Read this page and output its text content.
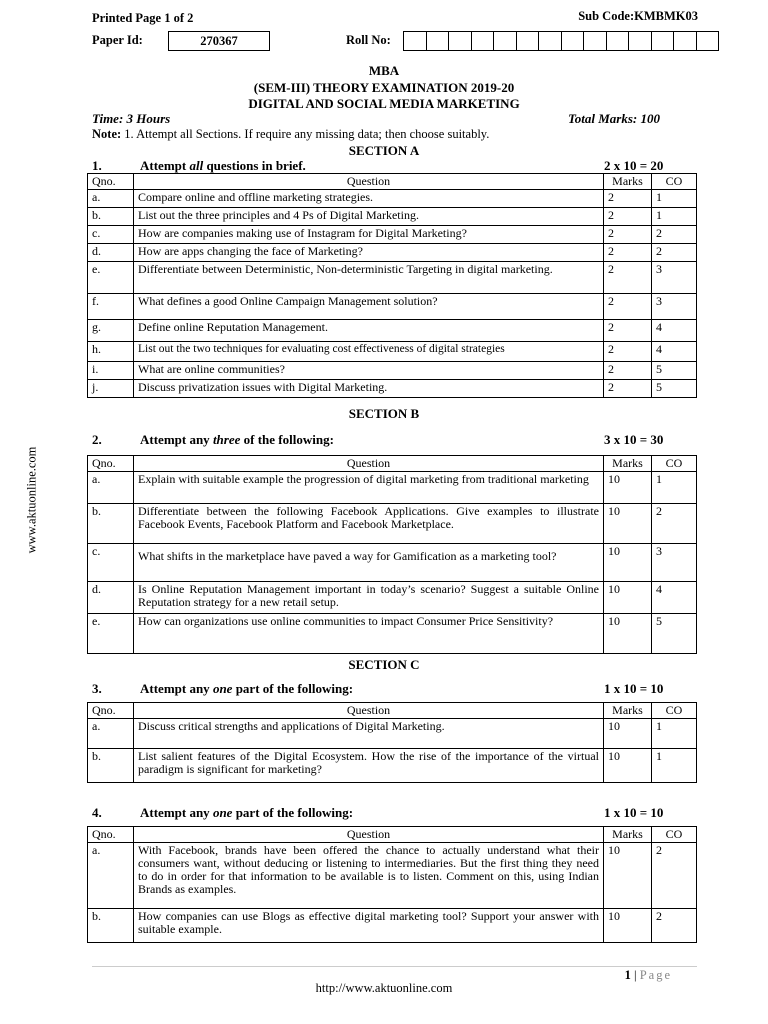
www.aktuonline.com
Printed Page 1 of 2	Sub Code:KMBMK03
Paper Id:	270367	Roll No:
MBA
(SEM-III) THEORY EXAMINATION 2019-20
DIGITAL AND SOCIAL MEDIA MARKETING
Time: 3 Hours	Total Marks: 100
Note: 1. Attempt all Sections. If require any missing data; then choose suitably.
SECTION A
1.	Attempt all questions in brief.	2 x 10 = 20
Qno.	Question	Marks	CO
a.	Compare online and offline marketing strategies.	2	1
b.	List out the three principles and 4 Ps of Digital Marketing.	2	1
c.	How are companies making use of Instagram for Digital Marketing?	2	2
d.	How are apps changing the face of Marketing?	2	2
e.	Differentiate between Deterministic, Non-deterministic Targeting in digital marketing.	2	3
f.	What defines a good Online Campaign Management solution?	2	3
g.	Define online Reputation Management.	2	4
h.	List out the two techniques for evaluating cost effectiveness of digital strategies	2	4
i.	What are online communities?	2	5
j.	Discuss privatization issues with Digital Marketing.	2	5
SECTION B
2.	Attempt any three of the following:	3 x 10 = 30
Qno.	Question	Marks	CO
a.	Explain with suitable example the progression of digital marketing from traditional marketing	10	1
b.	Differentiate between the following Facebook Applications. Give examples to illustrate Facebook Events, Facebook Platform and Facebook Marketplace.	10	2
c.	What shifts in the marketplace have paved a way for Gamification as a marketing tool?	10	3
d.	Is Online Reputation Management important in today’s scenario? Suggest a suitable Online Reputation strategy for a new retail setup.	10	4
e.	How can organizations use online communities to impact Consumer Price Sensitivity?	10	5
SECTION C
3.	Attempt any one part of the following:	1 x 10 = 10
Qno.	Question	Marks	CO
a.	Discuss critical strengths and applications of Digital Marketing.	10	1
b.	List salient features of the Digital Ecosystem. How the rise of the importance of the virtual paradigm is significant for marketing?	10	1
4.	Attempt any one part of the following:	1 x 10 = 10
Qno.	Question	Marks	CO
a.	With Facebook, brands have been offered the chance to actually understand what their consumers want, without deducing or listening to intermediaries. But the first thing they need to do in order for that information to be available is to listen. Comment on this, using Indian Brands as examples.	10	2
b.	How companies can use Blogs as effective digital marketing tool? Support your answer with suitable example.	10	2
1 | Page
http://www.aktuonline.com
